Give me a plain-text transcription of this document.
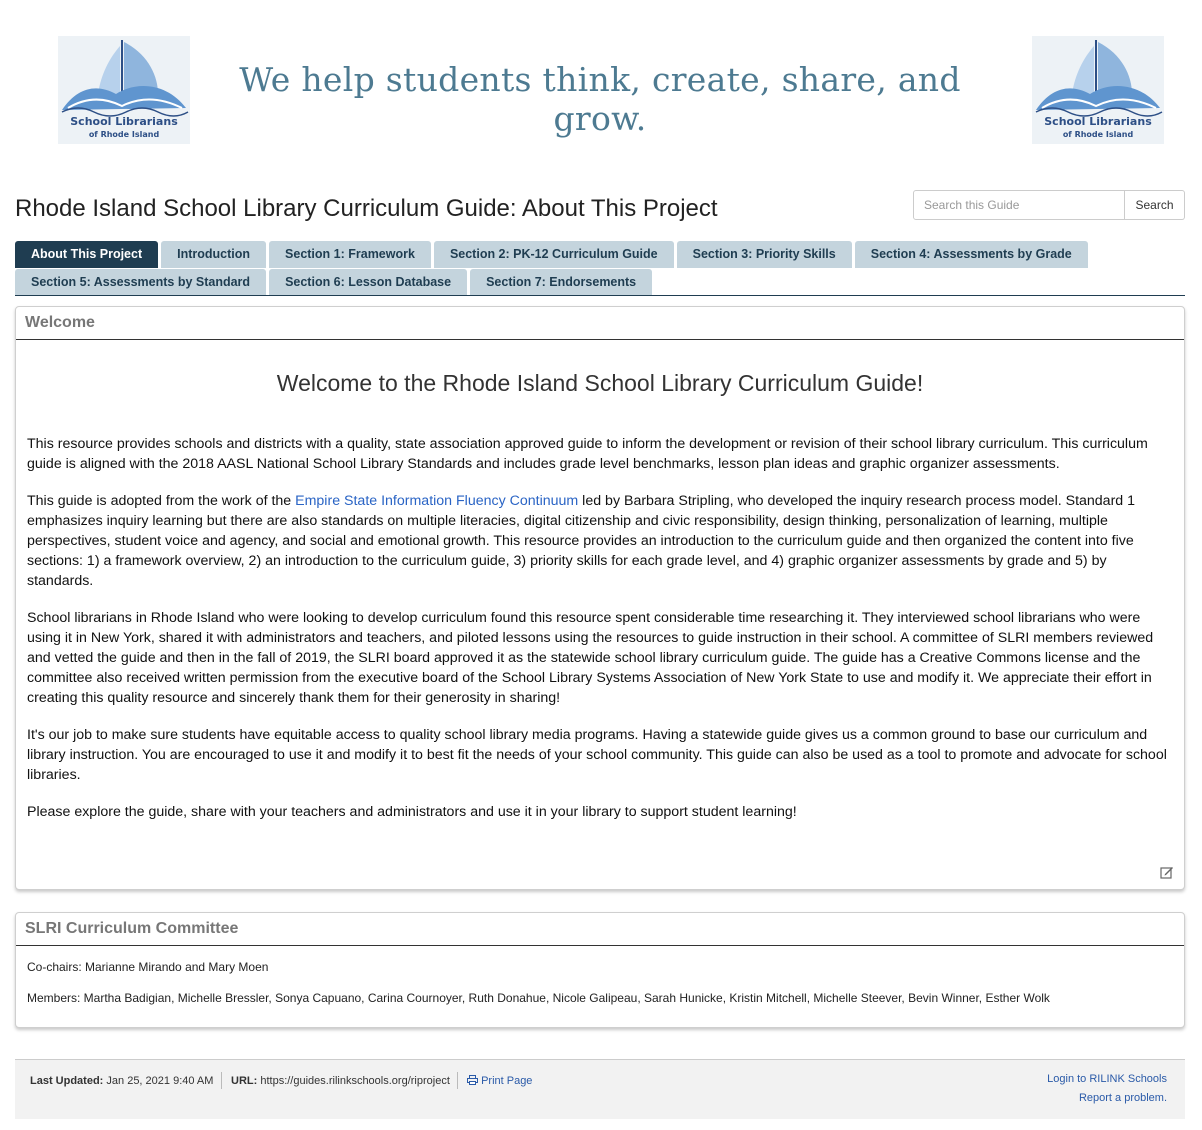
School Librarians
of Rhode Island
We help students think, create, share, and grow.	School Librarians
of Rhode Island
Rhode Island School Library Curriculum Guide: About This Project
Search this Guide	Search
About This Project	Introduction	Section 1: Framework	Section 2: PK-12 Curriculum Guide	Section 3: Priority Skills	Section 4: Assessments by Grade
Section 5: Assessments by Standard	Section 6: Lesson Database	Section 7: Endorsements
Welcome
Welcome to the Rhode Island School Library Curriculum Guide!

This resource provides schools and districts with a quality, state association approved guide to inform the development or revision of their school library curriculum. This curriculum guide is aligned with the 2018 AASL National School Library Standards and includes grade level benchmarks, lesson plan ideas and graphic organizer assessments.

This guide is adopted from the work of the Empire State Information Fluency Continuum led by Barbara Stripling, who developed the inquiry research process model. Standard 1 emphasizes inquiry learning but there are also standards on multiple literacies, digital citizenship and civic responsibility, design thinking, personalization of learning, multiple perspectives, student voice and agency, and social and emotional growth. This resource provides an introduction to the curriculum guide and then organized the content into five sections: 1) a framework overview, 2) an introduction to the curriculum guide, 3) priority skills for each grade level, and 4) graphic organizer assessments by grade and 5) by standards.

School librarians in Rhode Island who were looking to develop curriculum found this resource spent considerable time researching it. They interviewed school librarians who were using it in New York, shared it with administrators and teachers, and piloted lessons using the resources to guide instruction in their school. A committee of SLRI members reviewed and vetted the guide and then in the fall of 2019, the SLRI board approved it as the statewide school library curriculum guide. The guide has a Creative Commons license and the committee also received written permission from the executive board of the School Library Systems Association of New York State to use and modify it. We appreciate their effort in creating this quality resource and sincerely thank them for their generosity in sharing!

It's our job to make sure students have equitable access to quality school library media programs. Having a statewide guide gives us a common ground to base our curriculum and library instruction. You are encouraged to use it and modify it to best fit the needs of your school community. This guide can also be used as a tool to promote and advocate for school libraries.

Please explore the guide, share with your teachers and administrators and use it in your library to support student learning!

SLRI Curriculum Committee

Co-chairs: Marianne Mirando and Mary Moen

Members: Martha Badigian, Michelle Bressler, Sonya Capuano, Carina Cournoyer, Ruth Donahue, Nicole Galipeau, Sarah Hunicke, Kristin Mitchell, Michelle Steever, Bevin Winner, Esther Wolk

Last Updated: Jan 25, 2021 9:40 AM URL: https://guides.rilinkschools.org/riproject	Print Page	Login to RILINK Schools
Report a problem.
